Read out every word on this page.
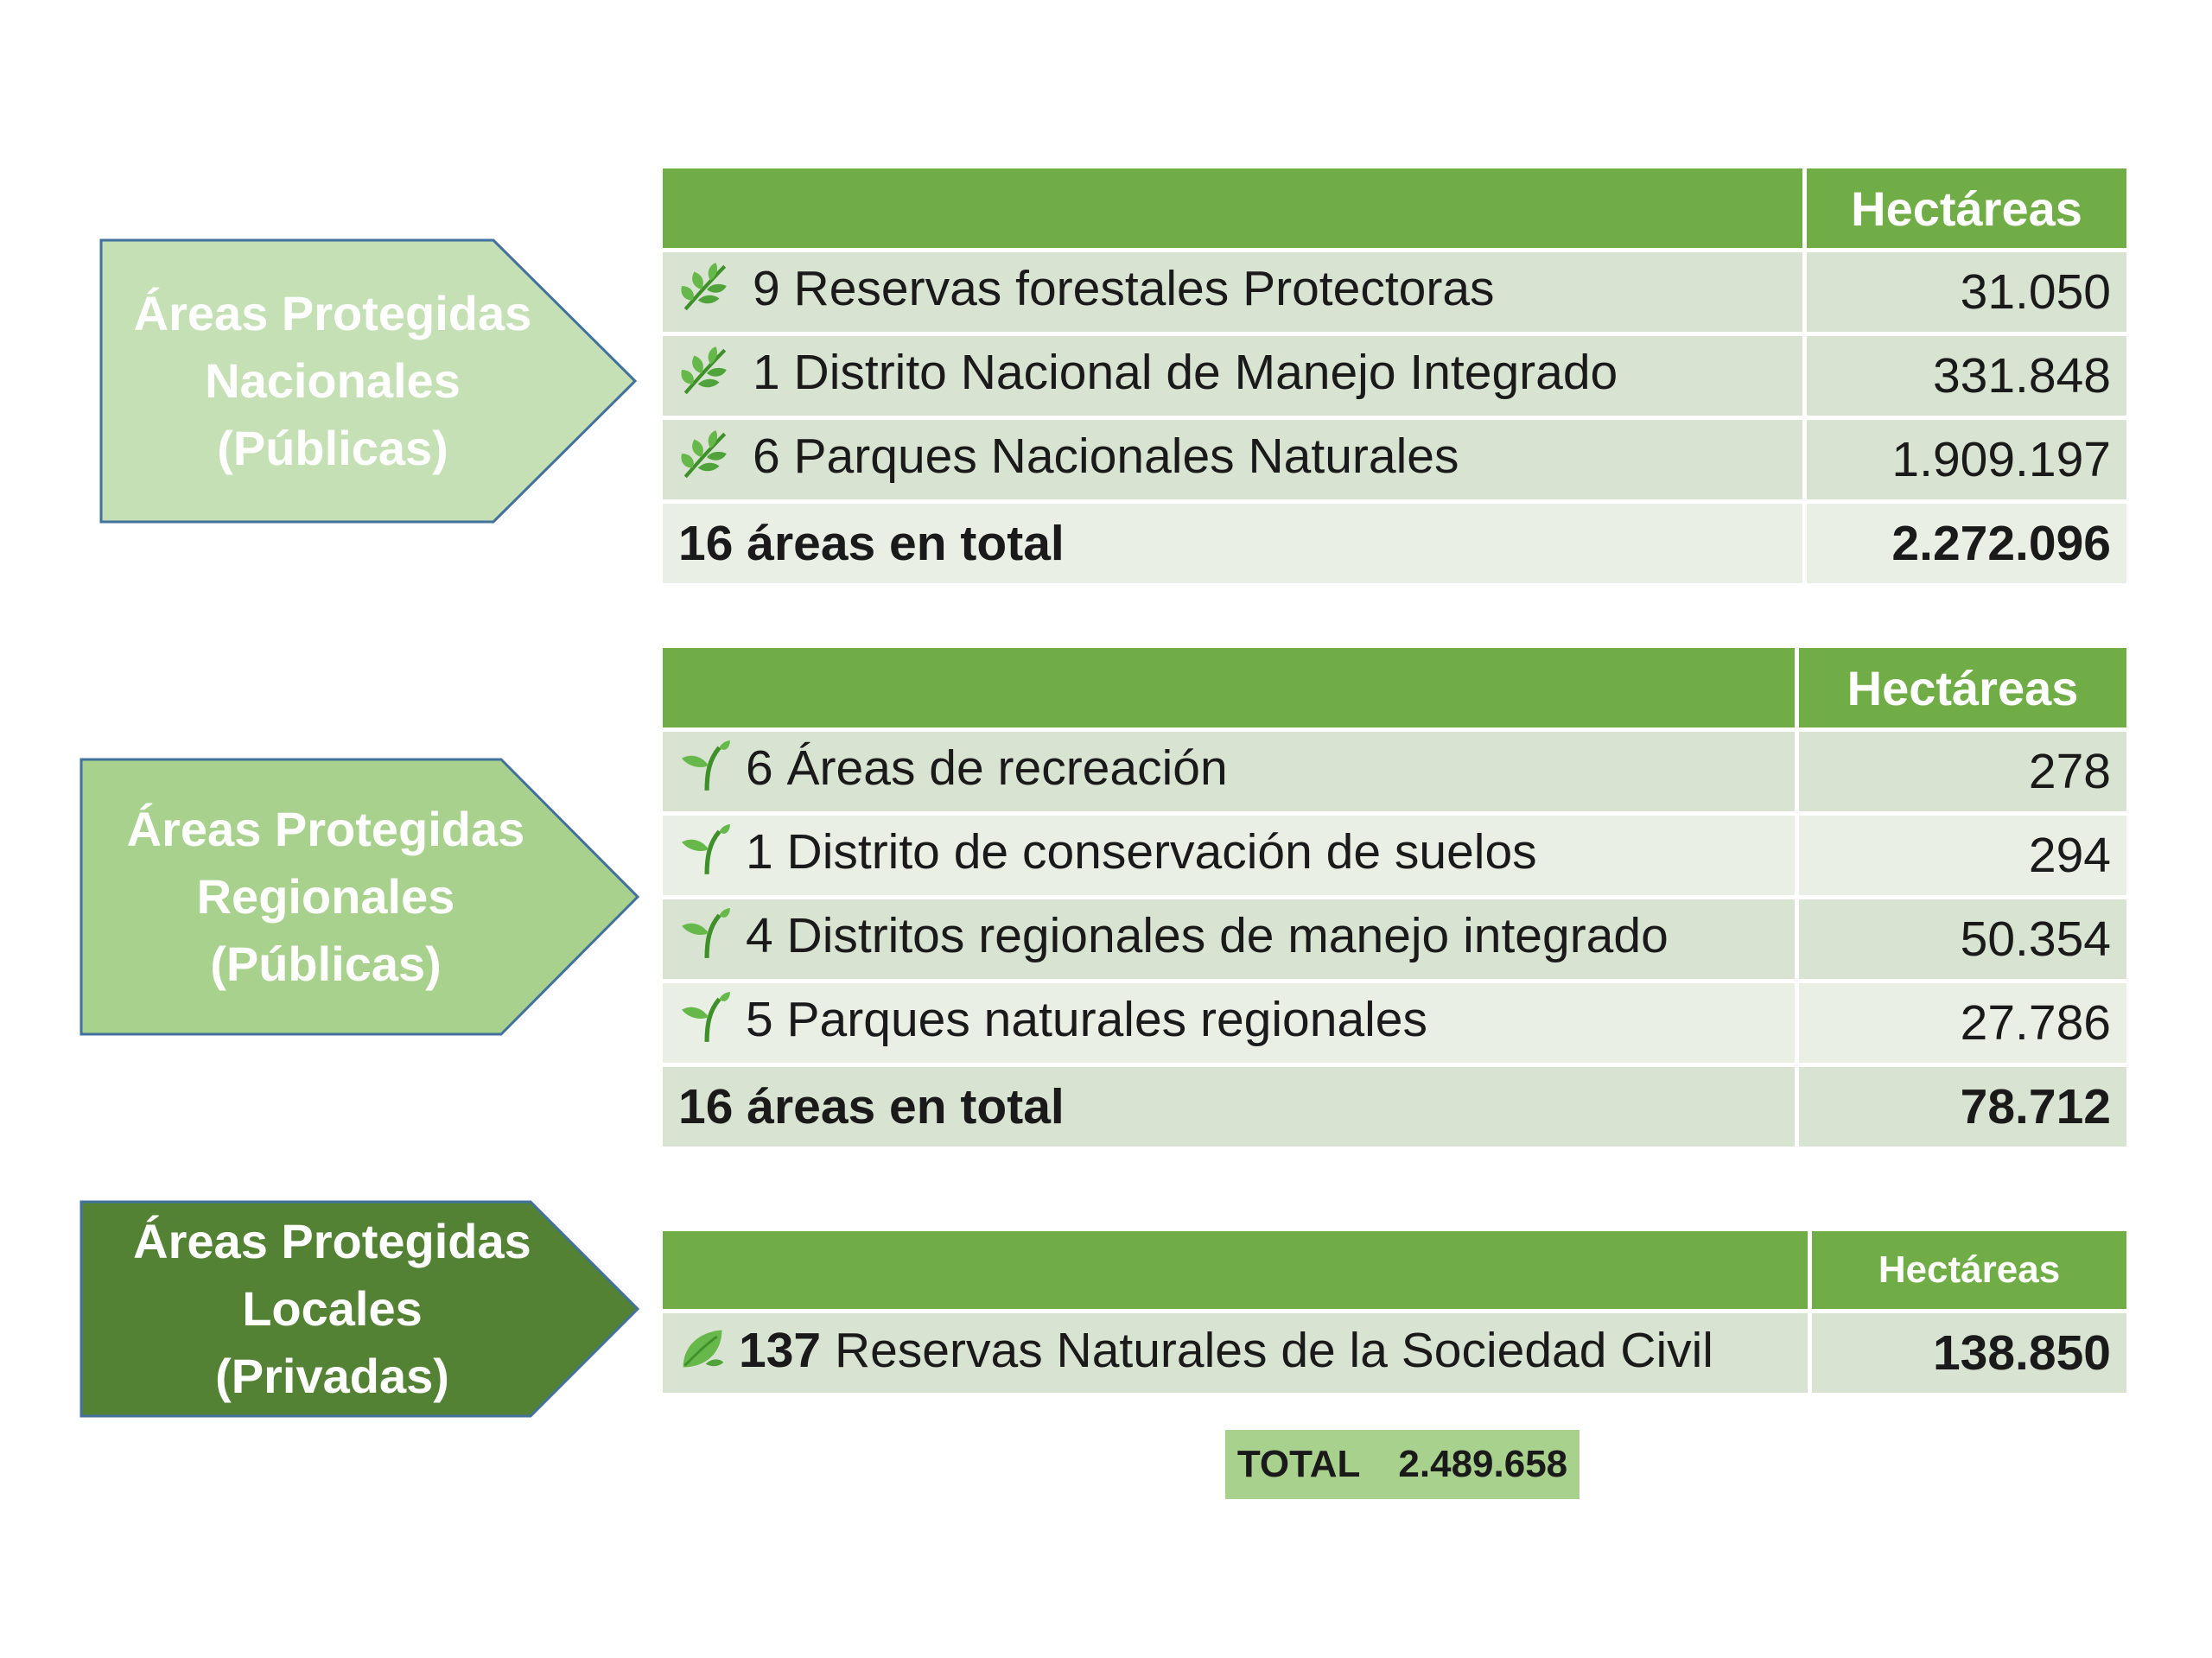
Áreas Protegidas
Nacionales
(Públicas)
Áreas Protegidas
Regionales
(Públicas)
Áreas Protegidas
Locales
(Privadas)
	Hectáreas
9 Reservas forestales Protectoras	31.050
1 Distrito Nacional de Manejo Integrado	331.848
6 Parques Nacionales Naturales	1.909.197
16 áreas en total	2.272.096
	Hectáreas
6 Áreas de recreación	278
1 Distrito de conservación de suelos	294
4 Distritos regionales de manejo integrado	50.354
5 Parques naturales regionales	27.786
16 áreas en total	78.712
	Hectáreas
137 Reservas Naturales de la Sociedad Civil	138.850
TOTAL 2.489.658
